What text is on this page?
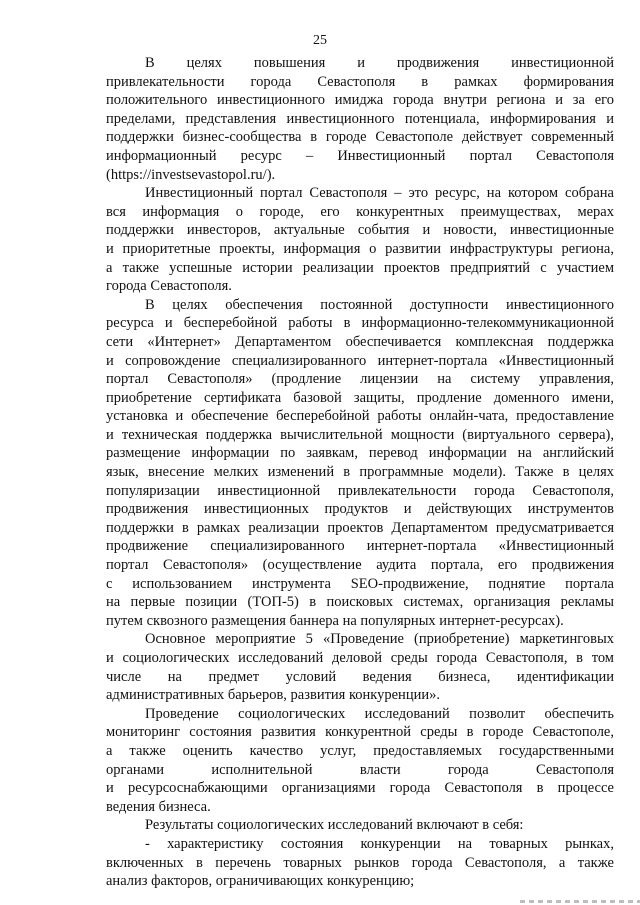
25
В целях повышения и продвижения инвестиционной
привлекательности города Севастополя в рамках формирования
положительного инвестиционного имиджа города внутри региона и за его
пределами, представления инвестиционного потенциала, информирования и
поддержки бизнес-сообщества в городе Севастополе действует современный
информационный ресурс – Инвестиционный портал Севастополя
(https://investsevastopol.ru/).
Инвестиционный портал Севастополя – это ресурс, на котором собрана
вся информация о городе, его конкурентных преимуществах, мерах
поддержки инвесторов, актуальные события и новости, инвестиционные
и приоритетные проекты, информация о развитии инфраструктуры региона,
а также успешные истории реализации проектов предприятий с участием
города Севастополя.
В целях обеспечения постоянной доступности инвестиционного
ресурса и бесперебойной работы в информационно-телекоммуникационной
сети «Интернет» Департаментом обеспечивается комплексная поддержка
и сопровождение специализированного интернет-портала «Инвестиционный
портал Севастополя» (продление лицензии на систему управления,
приобретение сертификата базовой защиты, продление доменного имени,
установка и обеспечение бесперебойной работы онлайн-чата, предоставление
и техническая поддержка вычислительной мощности (виртуального сервера),
размещение информации по заявкам, перевод информации на английский
язык, внесение мелких изменений в программные модели). Также в целях
популяризации инвестиционной привлекательности города Севастополя,
продвижения инвестиционных продуктов и действующих инструментов
поддержки в рамках реализации проектов Департаментом предусматривается
продвижение специализированного интернет-портала «Инвестиционный
портал Севастополя» (осуществление аудита портала, его продвижения
с использованием инструмента SEO-продвижение, поднятие портала
на первые позиции (ТОП-5) в поисковых системах, организация рекламы
путем сквозного размещения баннера на популярных интернет-ресурсах).
Основное мероприятие 5 «Проведение (приобретение) маркетинговых
и социологических исследований деловой среды города Севастополя, в том
числе на предмет условий ведения бизнеса, идентификации
административных барьеров, развития конкуренции».
Проведение социологических исследований позволит обеспечить
мониторинг состояния развития конкурентной среды в городе Севастополе,
а также оценить качество услуг, предоставляемых государственными
органами исполнительной власти города Севастополя
и ресурсоснабжающими организациями города Севастополя в процессе
ведения бизнеса.
Результаты социологических исследований включают в себя:
- характеристику состояния конкуренции на товарных рынках,
включенных в перечень товарных рынков города Севастополя, а также
анализ факторов, ограничивающих конкуренцию;
